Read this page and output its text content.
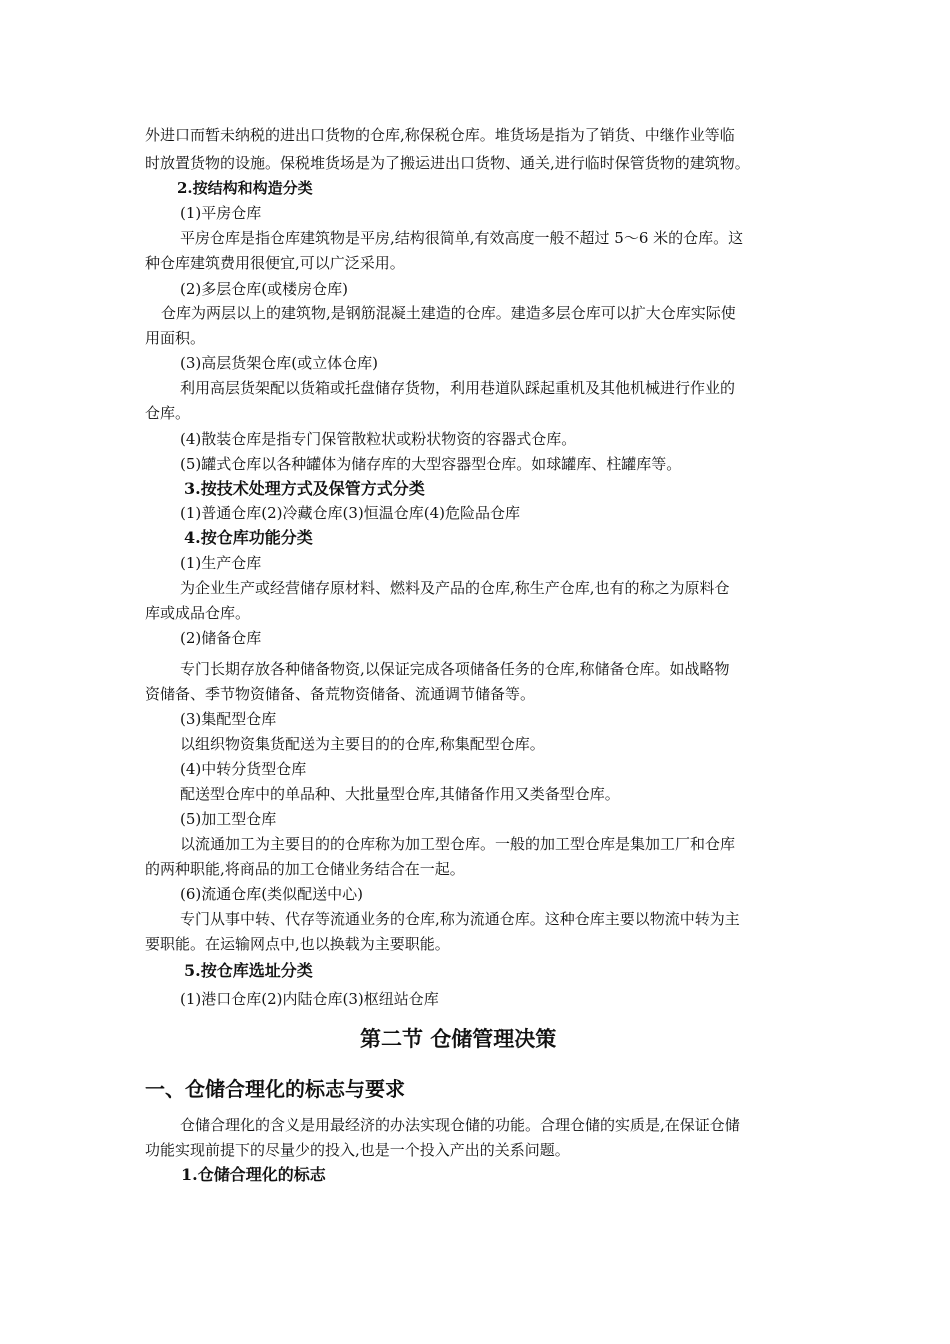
外进口而暂未纳税的进出口货物的仓库,称保税仓库。堆货场是指为了销货、中继作业等临
时放置货物的设施。保税堆货场是为了搬运进出口货物、通关,进行临时保管货物的建筑物。
2.按结构和构造分类
(1)平房仓库
平房仓库是指仓库建筑物是平房,结构很简单,有效高度一般不超过 5～6 米的仓库。这
种仓库建筑费用很便宜,可以广泛采用。
(2)多层仓库(或楼房仓库)
仓库为两层以上的建筑物,是钢筋混凝土建造的仓库。建造多层仓库可以扩大仓库实际使
用面积。
(3)高层货架仓库(或立体仓库)
利用高层货架配以货箱或托盘储存货物，利用巷道队踩起重机及其他机械进行作业的
仓库。
(4)散装仓库是指专门保管散粒状或粉状物资的容器式仓库。
(5)罐式仓库以各种罐体为储存库的大型容器型仓库。如球罐库、柱罐库等。
3.按技术处理方式及保管方式分类
(1)普通仓库(2)冷藏仓库(3)恒温仓库(4)危险品仓库
4.按仓库功能分类
(1)生产仓库
为企业生产或经营储存原材料、燃料及产品的仓库,称生产仓库,也有的称之为原料仓
库或成品仓库。
(2)储备仓库
专门长期存放各种储备物资,以保证完成各项储备任务的仓库,称储备仓库。如战略物
资储备、季节物资储备、备荒物资储备、流通调节储备等。
(3)集配型仓库
以组织物资集货配送为主要目的的仓库,称集配型仓库。
(4)中转分货型仓库
配送型仓库中的单品种、大批量型仓库,其储备作用又类备型仓库。
(5)加工型仓库
以流通加工为主要目的的仓库称为加工型仓库。一般的加工型仓库是集加工厂和仓库
的两种职能,将商品的加工仓储业务结合在一起。
(6)流通仓库(类似配送中心)
专门从事中转、代存等流通业务的仓库,称为流通仓库。这种仓库主要以物流中转为主
要职能。在运输网点中,也以换载为主要职能。
5.按仓库选址分类
(1)港口仓库(2)内陆仓库(3)枢纽站仓库
第二节 仓储管理决策
一、仓储合理化的标志与要求
仓储合理化的含义是用最经济的办法实现仓储的功能。合理仓储的实质是,在保证仓储
功能实现前提下的尽量少的投入,也是一个投入产出的关系问题。
1.仓储合理化的标志
